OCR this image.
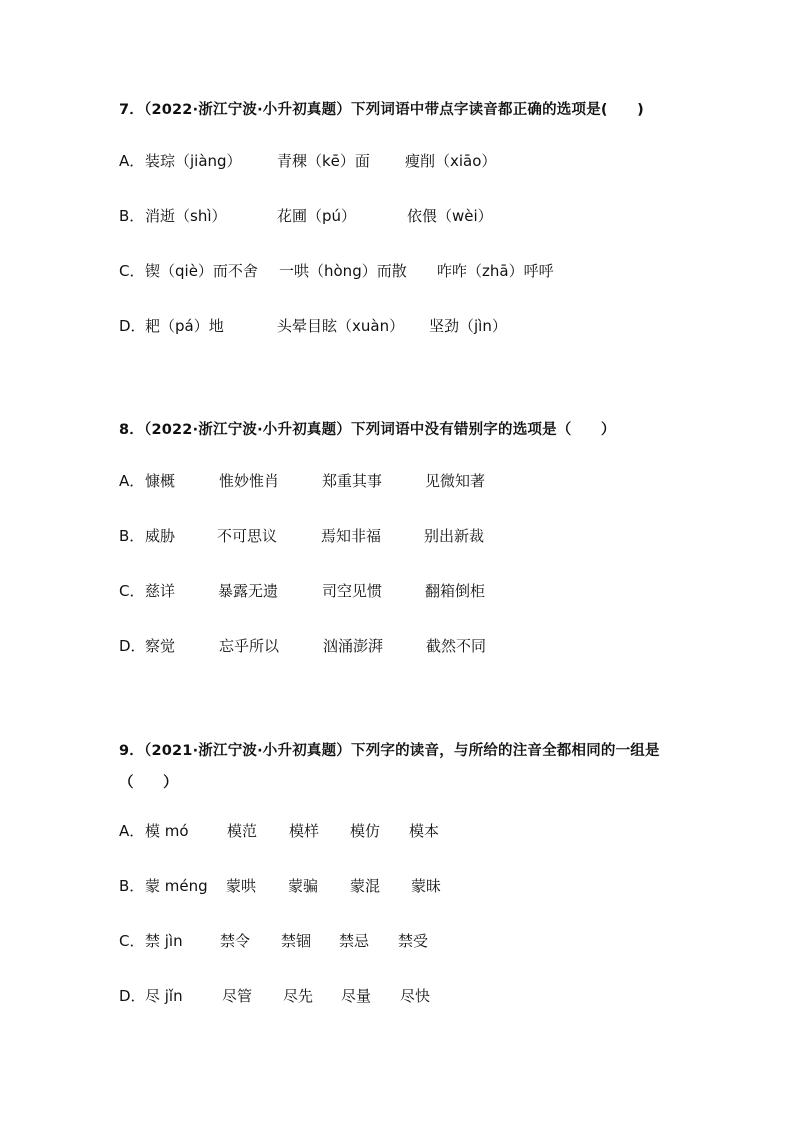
7．（2022·浙江宁波·小升初真题）下列词语中带点字读音都正确的选项是(　　)
A． 装琮（jiàng） 青稞（kē）面 瘦削（xiāo）
B． 消逝（shì）	花圃（pú）	依偎（wèi）
C． 锲（qiè）而不舍 一哄（hòng）而散 咋咋（zhā）呼呼
D． 耙（pá）地	头晕目眩（xuàn） 坚劲（jìn）
8．（2022·浙江宁波·小升初真题）下列词语中没有错别字的选项是（　　）
A． 慷概	惟妙惟肖	郑重其事	见微知著
B． 威胁	不可思议	焉知非福	别出新裁
C． 慈详	暴露无遗	司空见惯	翻箱倒柜
D． 察觉	忘乎所以	汹涌澎湃	截然不同
9．（2021·浙江宁波·小升初真题）下列字的读音，与所给的注音全都相同的一组是（　　）
A． 模 mó	模范 模样 模仿 模本
B． 蒙 méng 蒙哄 蒙骗 蒙混 蒙昧
C． 禁 jìn 禁令 禁锢 禁忌 禁受
D． 尽 jǐn	尽管 尽先 尽量 尽快
